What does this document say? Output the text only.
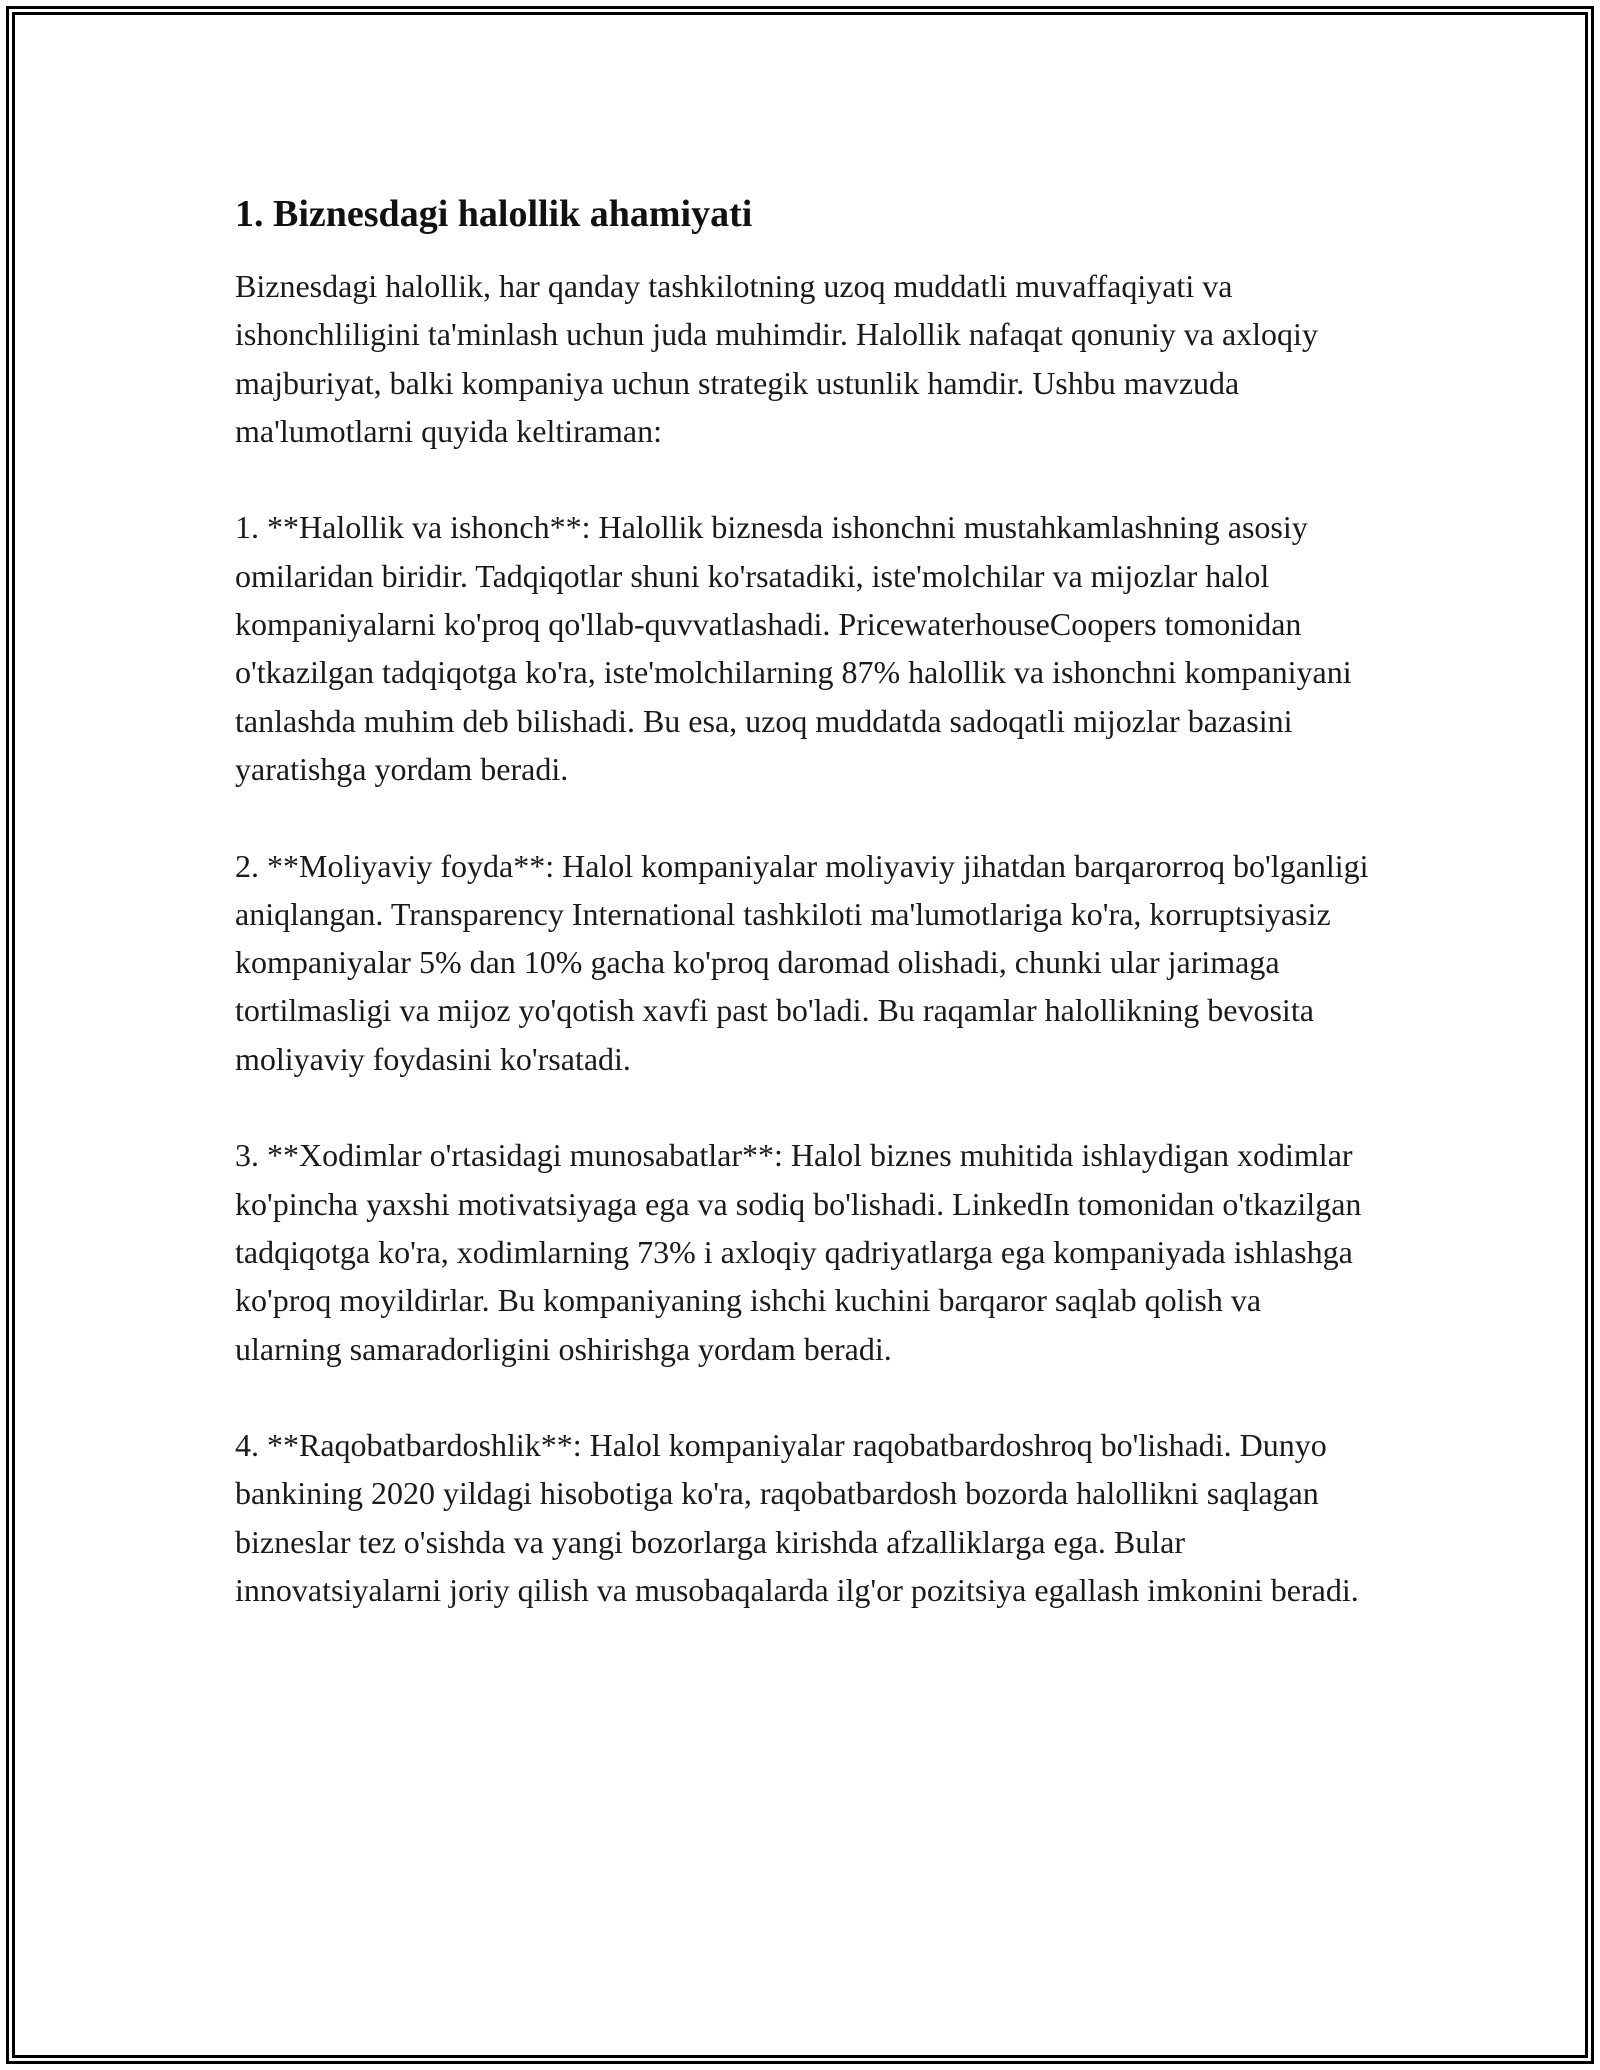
1. Biznesdagi halollik ahamiyati

Biznesdagi halollik, har qanday tashkilotning uzoq muddatli muvaffaqiyati va ishonchliligini ta'minlash uchun juda muhimdir. Halollik nafaqat qonuniy va axloqiy majburiyat, balki kompaniya uchun strategik ustunlik hamdir. Ushbu mavzuda ma'lumotlarni quyida keltiraman:

1. **Halollik va ishonch**: Halollik biznesda ishonchni mustahkamlashning asosiy omilaridan biridir. Tadqiqotlar shuni ko'rsatadiki, iste'molchilar va mijozlar halol kompaniyalarni ko'proq qo'llab-quvvatlashadi. PricewaterhouseCoopers tomonidan o'tkazilgan tadqiqotga ko'ra, iste'molchilarning 87% halollik va ishonchni kompaniyani tanlashda muhim deb bilishadi. Bu esa, uzoq muddatda sadoqatli mijozlar bazasini yaratishga yordam beradi.

2. **Moliyaviy foyda**: Halol kompaniyalar moliyaviy jihatdan barqarorroq bo'lganligi aniqlangan. Transparency International tashkiloti ma'lumotlariga ko'ra, korruptsiyasiz kompaniyalar 5% dan 10% gacha ko'proq daromad olishadi, chunki ular jarimaga tortilmasligi va mijoz yo'qotish xavfi past bo'ladi. Bu raqamlar halollikning bevosita moliyaviy foydasini ko'rsatadi.

3. **Xodimlar o'rtasidagi munosabatlar**: Halol biznes muhitida ishlaydigan xodimlar ko'pincha yaxshi motivatsiyaga ega va sodiq bo'lishadi. LinkedIn tomonidan o'tkazilgan tadqiqotga ko'ra, xodimlarning 73% i axloqiy qadriyatlarga ega kompaniyada ishlashga ko'proq moyildirlar. Bu kompaniyaning ishchi kuchini barqaror saqlab qolish va ularning samaradorligini oshirishga yordam beradi.

4. **Raqobatbardoshlik**: Halol kompaniyalar raqobatbardoshroq bo'lishadi. Dunyo bankining 2020 yildagi hisobotiga ko'ra, raqobatbardosh bozorda halollikni saqlagan bizneslar tez o'sishda va yangi bozorlarga kirishda afzalliklarga ega. Bular innovatsiyalarni joriy qilish va musobaqalarda ilg'or pozitsiya egallash imkonini beradi.
